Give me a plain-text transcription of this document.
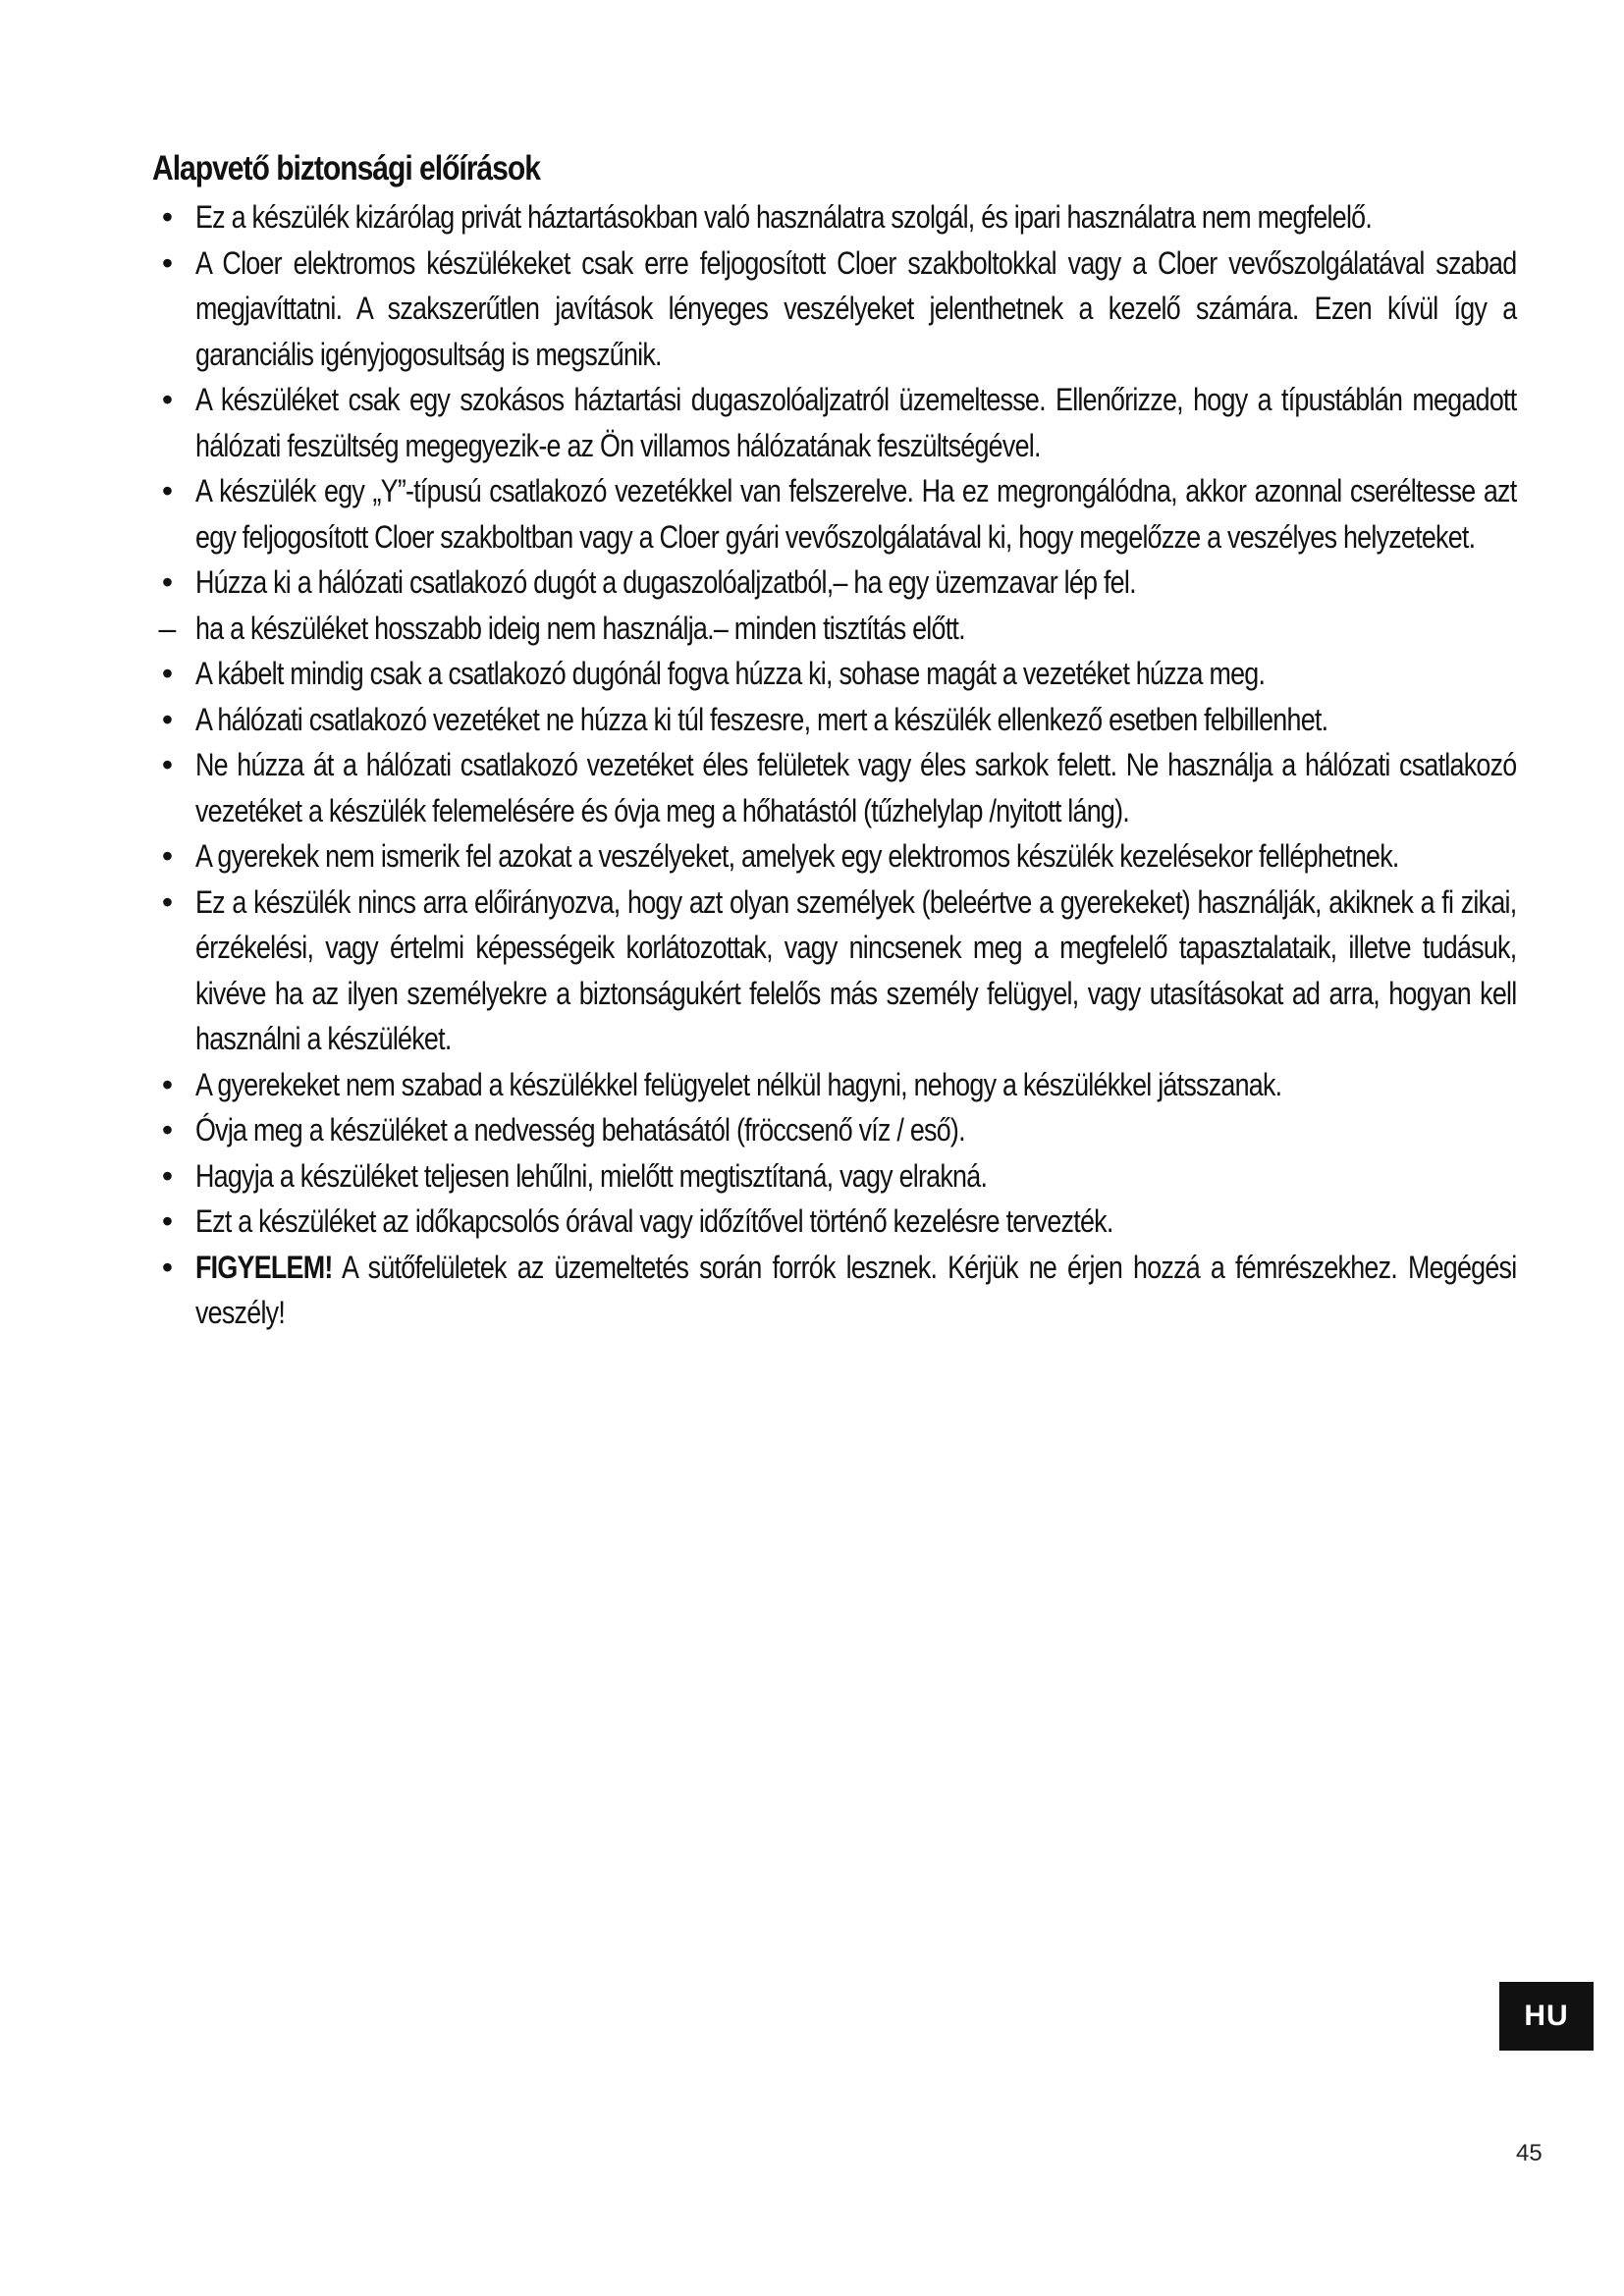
Alapvető biztonsági előírások
• Ez a készülék kizárólag privát háztartásokban való használatra szolgál, és ipari használatra nem megfelelő.
• A Cloer elektromos készülékeket csak erre feljogosított Cloer szakboltokkal vagy a Cloer vevőszolgálatával szabad megjavíttatni. A szakszerűtlen javítások lényeges veszélyeket jelenthetnek a kezelő számára. Ezen kívül így a garanciális igényjogosultság is megszűnik.
• A készüléket csak egy szokásos háztartási dugaszolóaljzatról üzemeltesse. Ellenőrizze, hogy a típustáblán megadott hálózati feszültség megegyezik-e az Ön villamos hálózatának feszültségével.
• A készülék egy „Y”-típusú csatlakozó vezetékkel van felszerelve. Ha ez megrongálódna, akkor azonnal cseréltesse azt egy feljogosított Cloer szakboltban vagy a Cloer gyári vevőszolgálatával ki, hogy megelőzze a veszélyes helyzeteket.
• Húzza ki a hálózati csatlakozó dugót a dugaszolóaljzatból,– ha egy üzemzavar lép fel.
– ha a készüléket hosszabb ideig nem használja.– minden tisztítás előtt.
• A kábelt mindig csak a csatlakozó dugónál fogva húzza ki, sohase magát a vezetéket húzza meg.
• A hálózati csatlakozó vezetéket ne húzza ki túl feszesre, mert a készülék ellenkező esetben felbillenhet.
• Ne húzza át a hálózati csatlakozó vezetéket éles felületek vagy éles sarkok felett. Ne használja a hálózati csatlakozó vezetéket a készülék felemelésére és óvja meg a hőhatástól (tűzhelylap /nyitott láng).
• A gyerekek nem ismerik fel azokat a veszélyeket, amelyek egy elektromos készülék kezelésekor felléphetnek.
• Ez a készülék nincs arra előirányozva, hogy azt olyan személyek (beleértve a gyerekeket) használják, akiknek a fi zikai, érzékelési, vagy értelmi képességeik korlátozottak, vagy nincsenek meg a megfelelő tapasztalataik, illetve tudásuk, kivéve ha az ilyen személyekre a biztonságukért felelős más személy felügyel, vagy utasításokat ad arra, hogyan kell használni a készüléket.
• A gyerekeket nem szabad a készülékkel felügyelet nélkül hagyni, nehogy a készülékkel játsszanak.
• Óvja meg a készüléket a nedvesség behatásától (fröccsenő víz / eső).
• Hagyja a készüléket teljesen lehűlni, mielőtt megtisztítaná, vagy elrakná.
• Ezt a készüléket az időkapcsolós órával vagy időzítővel történő kezelésre tervezték.
• FIGYELEM! A sütőfelületek az üzemeltetés során forrók lesznek. Kérjük ne érjen hozzá a fémrészekhez. Megégési veszély!
HU
45
